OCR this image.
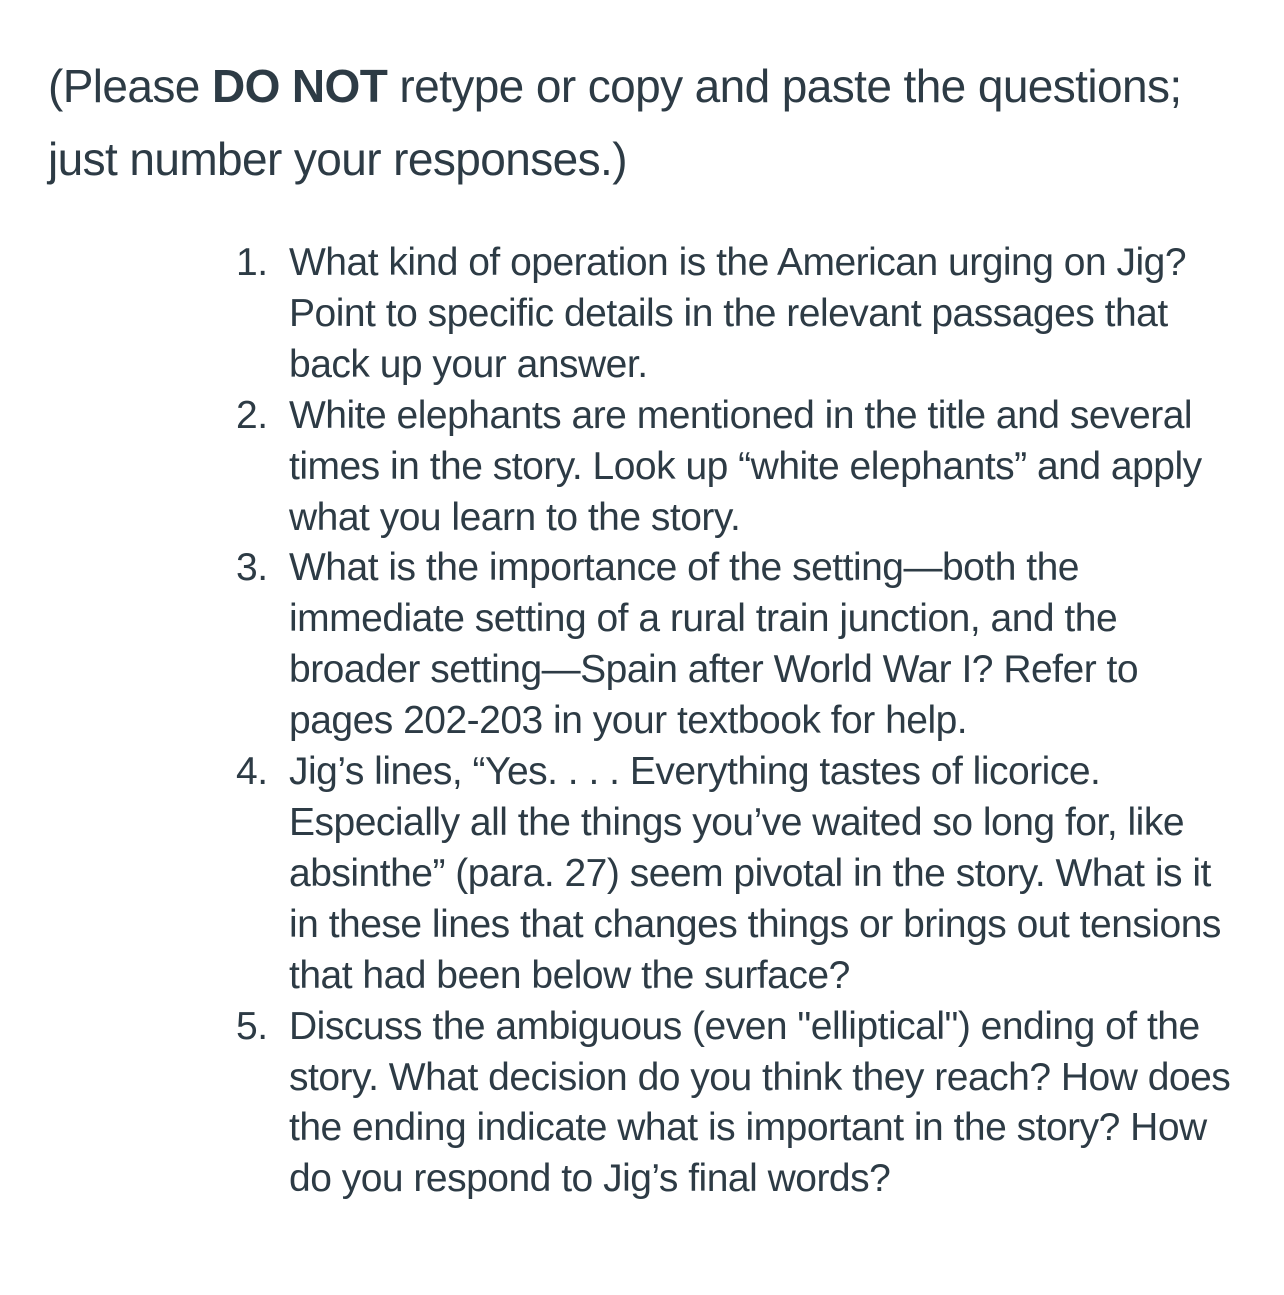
(Please DO NOT retype or copy and paste the questions; just number your responses.)

1. What kind of operation is the American urging on Jig? Point to specific details in the relevant passages that back up your answer.
2. White elephants are mentioned in the title and several times in the story. Look up “white elephants” and apply what you learn to the story.
3. What is the importance of the setting—both the immediate setting of a rural train junction, and the broader setting—Spain after World War I? Refer to pages 202-203 in your textbook for help.
4. Jig’s lines, “Yes. . . . Everything tastes of licorice. Especially all the things you’ve waited so long for, like absinthe” (para. 27) seem pivotal in the story. What is it in these lines that changes things or brings out tensions that had been below the surface?
5. Discuss the ambiguous (even "elliptical") ending of the story. What decision do you think they reach? How does the ending indicate what is important in the story? How do you respond to Jig’s final words?
